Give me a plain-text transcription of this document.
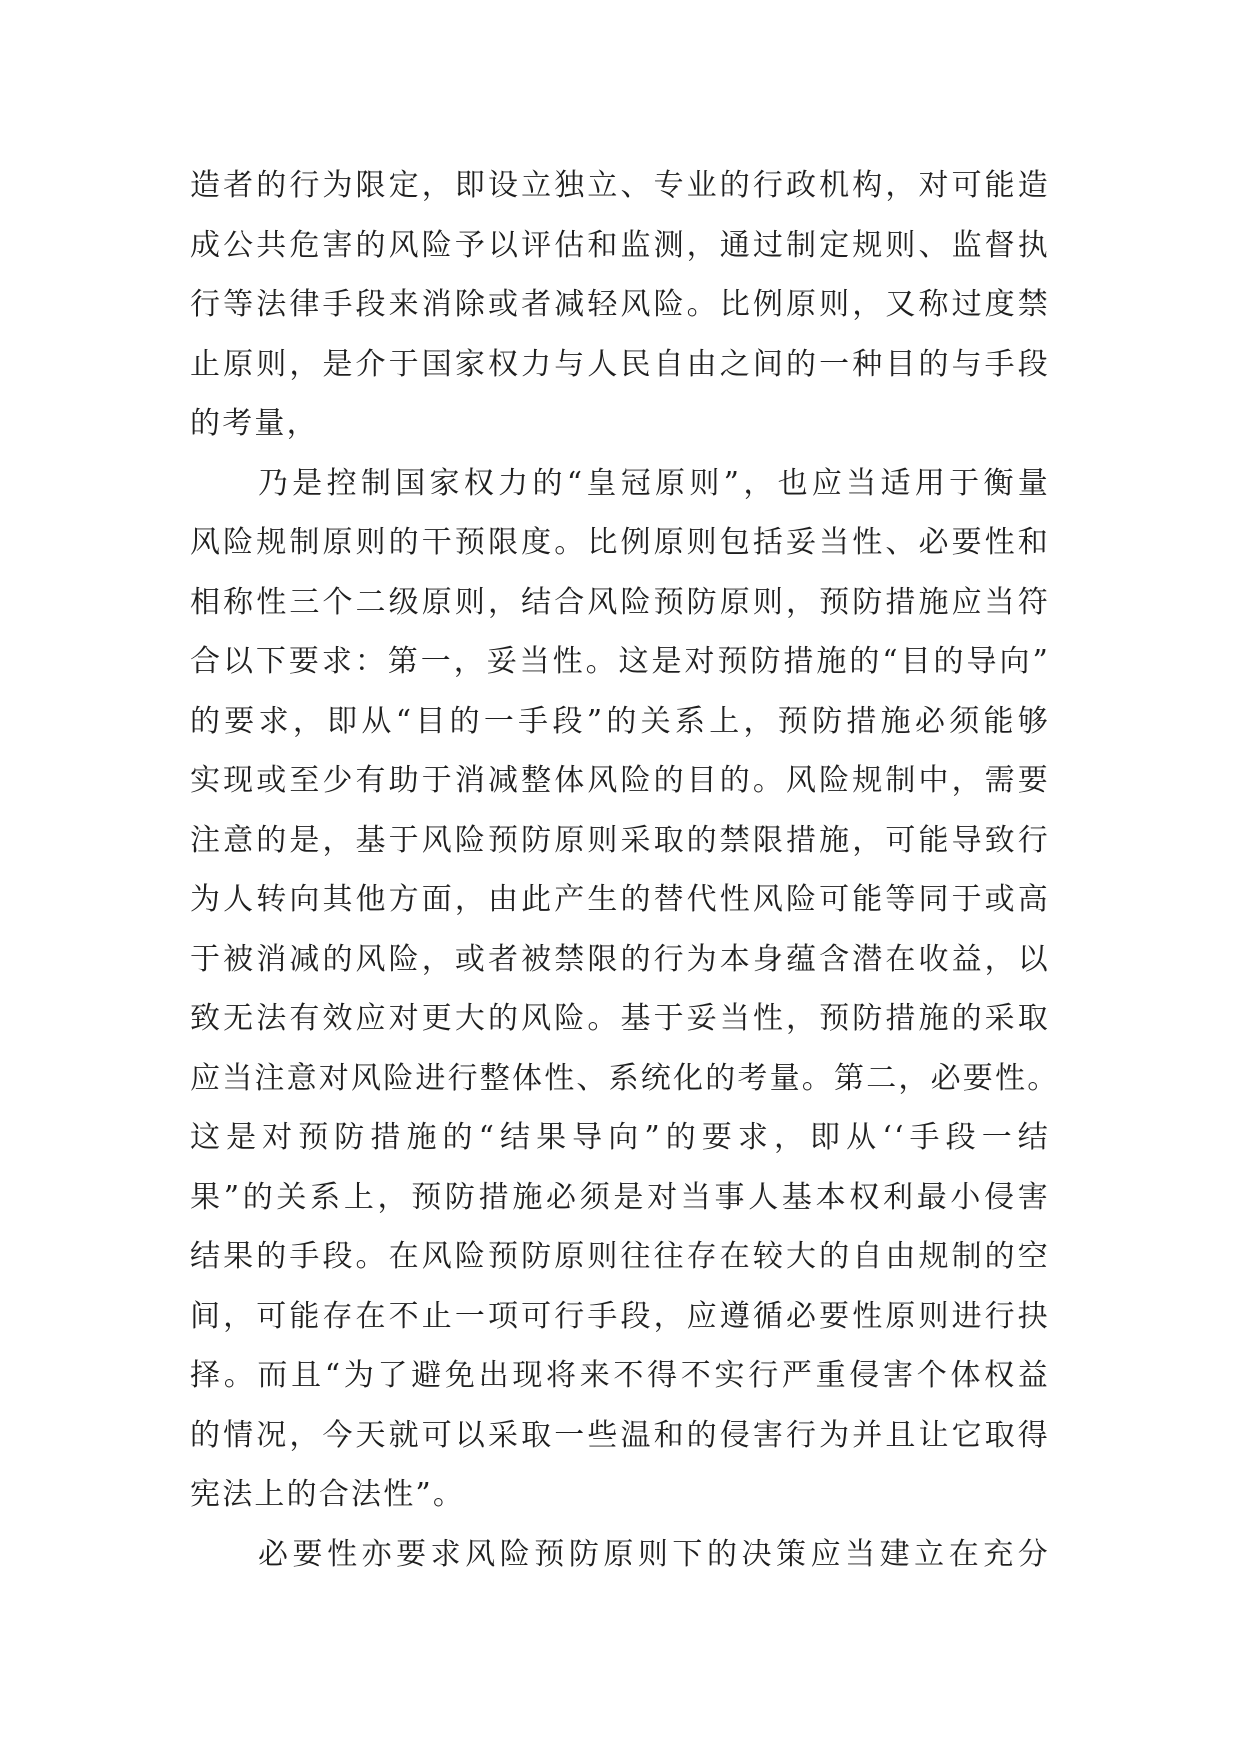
造者的行为限定，即设立独立、专业的行政机构，对可能造
成公共危害的风险予以评估和监测，通过制定规则、监督执
行等法律手段来消除或者减轻风险。比例原则，又称过度禁
止原则，是介于国家权力与人民自由之间的一种目的与手段
的考量，
乃是控制国家权力的“皇冠原则”，也应当适用于衡量
风险规制原则的干预限度。比例原则包括妥当性、必要性和
相称性三个二级原则，结合风险预防原则，预防措施应当符
合以下要求：第一，妥当性。这是对预防措施的“目的导向”
的要求，即从“目的一手段”的关系上，预防措施必须能够
实现或至少有助于消减整体风险的目的。风险规制中，需要
注意的是，基于风险预防原则采取的禁限措施，可能导致行
为人转向其他方面，由此产生的替代性风险可能等同于或高
于被消减的风险，或者被禁限的行为本身蕴含潜在收益，以
致无法有效应对更大的风险。基于妥当性，预防措施的采取
应当注意对风险进行整体性、系统化的考量。第二，必要性。
这是对预防措施的“结果导向”的要求，即从‘‘手段一结
果”的关系上，预防措施必须是对当事人基本权利最小侵害
结果的手段。在风险预防原则往往存在较大的自由规制的空
间，可能存在不止一项可行手段，应遵循必要性原则进行抉
择。而且“为了避免出现将来不得不实行严重侵害个体权益
的情况，今天就可以采取一些温和的侵害行为并且让它取得
宪法上的合法性”。
必要性亦要求风险预防原则下的决策应当建立在充分
